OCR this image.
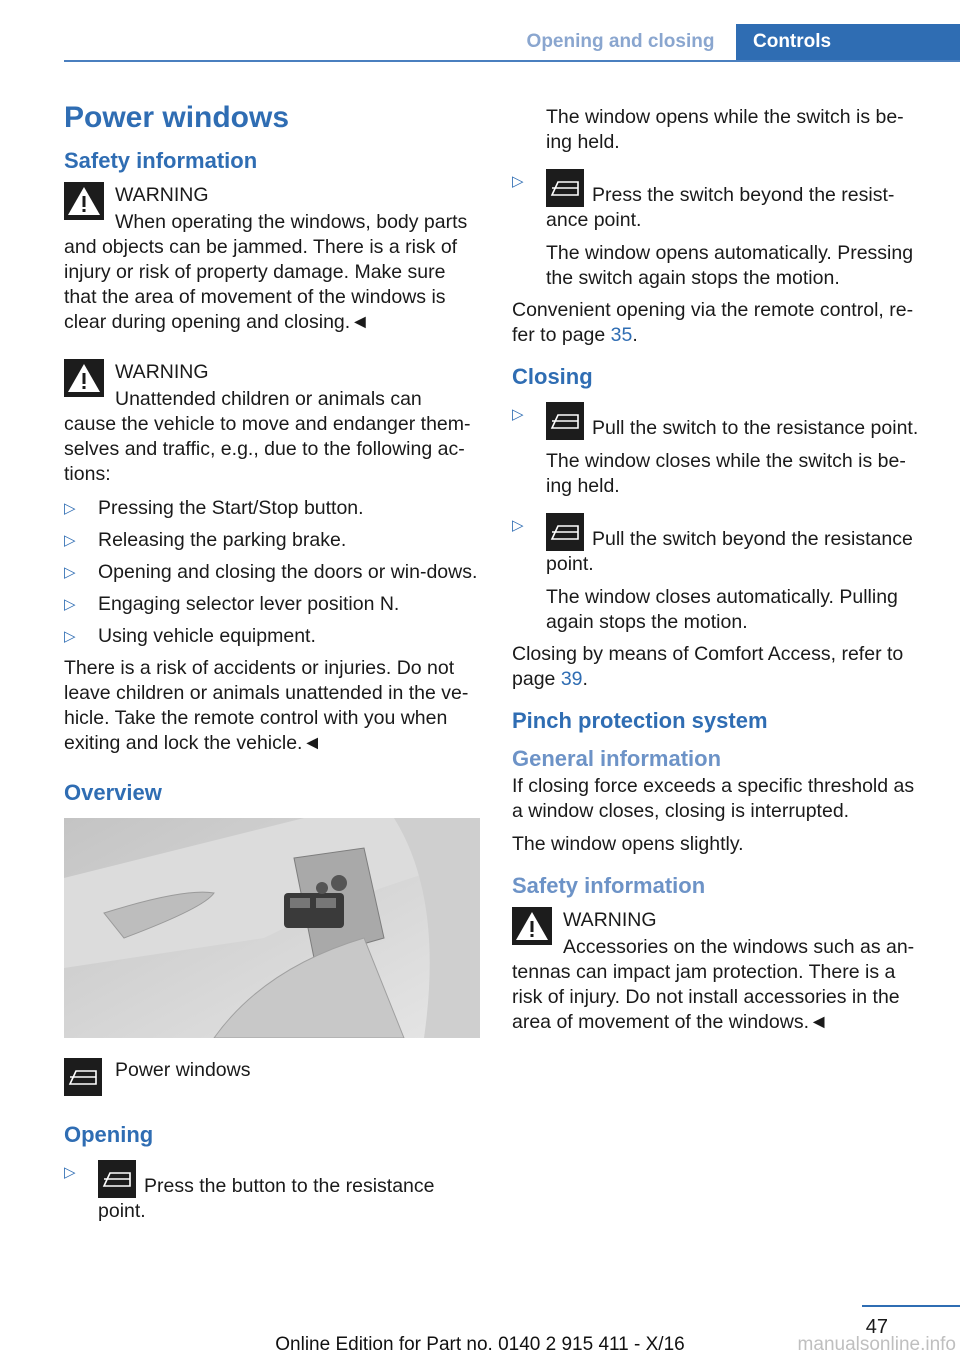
Opening and closing	Controls
Power windows
Safety information
WARNING

When operating the windows, body parts

and objects can be jammed. There is a risk of injury or risk of property damage. Make sure that the area of movement of the windows is clear during opening and closing.◄

WARNING

Unattended children or animals can

cause the vehicle to move and endanger them-selves and traffic, e.g., due to the following ac-tions:

▷ Pressing the Start/Stop button.
▷ Releasing the parking brake.
▷ Opening and closing the doors or win-dows.
▷ Engaging selector lever position N.
▷ Using vehicle equipment.

There is a risk of accidents or injuries. Do not leave children or animals unattended in the ve-hicle. Take the remote control with you when exiting and lock the vehicle.◄

Overview
Power windows
Opening
▷
Press the button to the resistance point.

The window opens while the switch is be-ing held.

▷
Press the switch beyond the resist-ance point.

The window opens automatically. Pressing the switch again stops the motion.

Convenient opening via the remote control, re-fer to page 35.

Closing
▷
Pull the switch to the resistance point.

The window closes while the switch is be-ing held.

▷
Pull the switch beyond the resistance point.

The window closes automatically. Pulling again stops the motion.

Closing by means of Comfort Access, refer to page 39.

Pinch protection system
General information

If closing force exceeds a specific threshold as a window closes, closing is interrupted.

The window opens slightly.

Safety information
WARNING

Accessories on the windows such as an-

tennas can impact jam protection. There is a risk of injury. Do not install accessories in the area of movement of the windows.◄

47
Online Edition for Part no. 0140 2 915 411 - X/16	manualsonline.info
